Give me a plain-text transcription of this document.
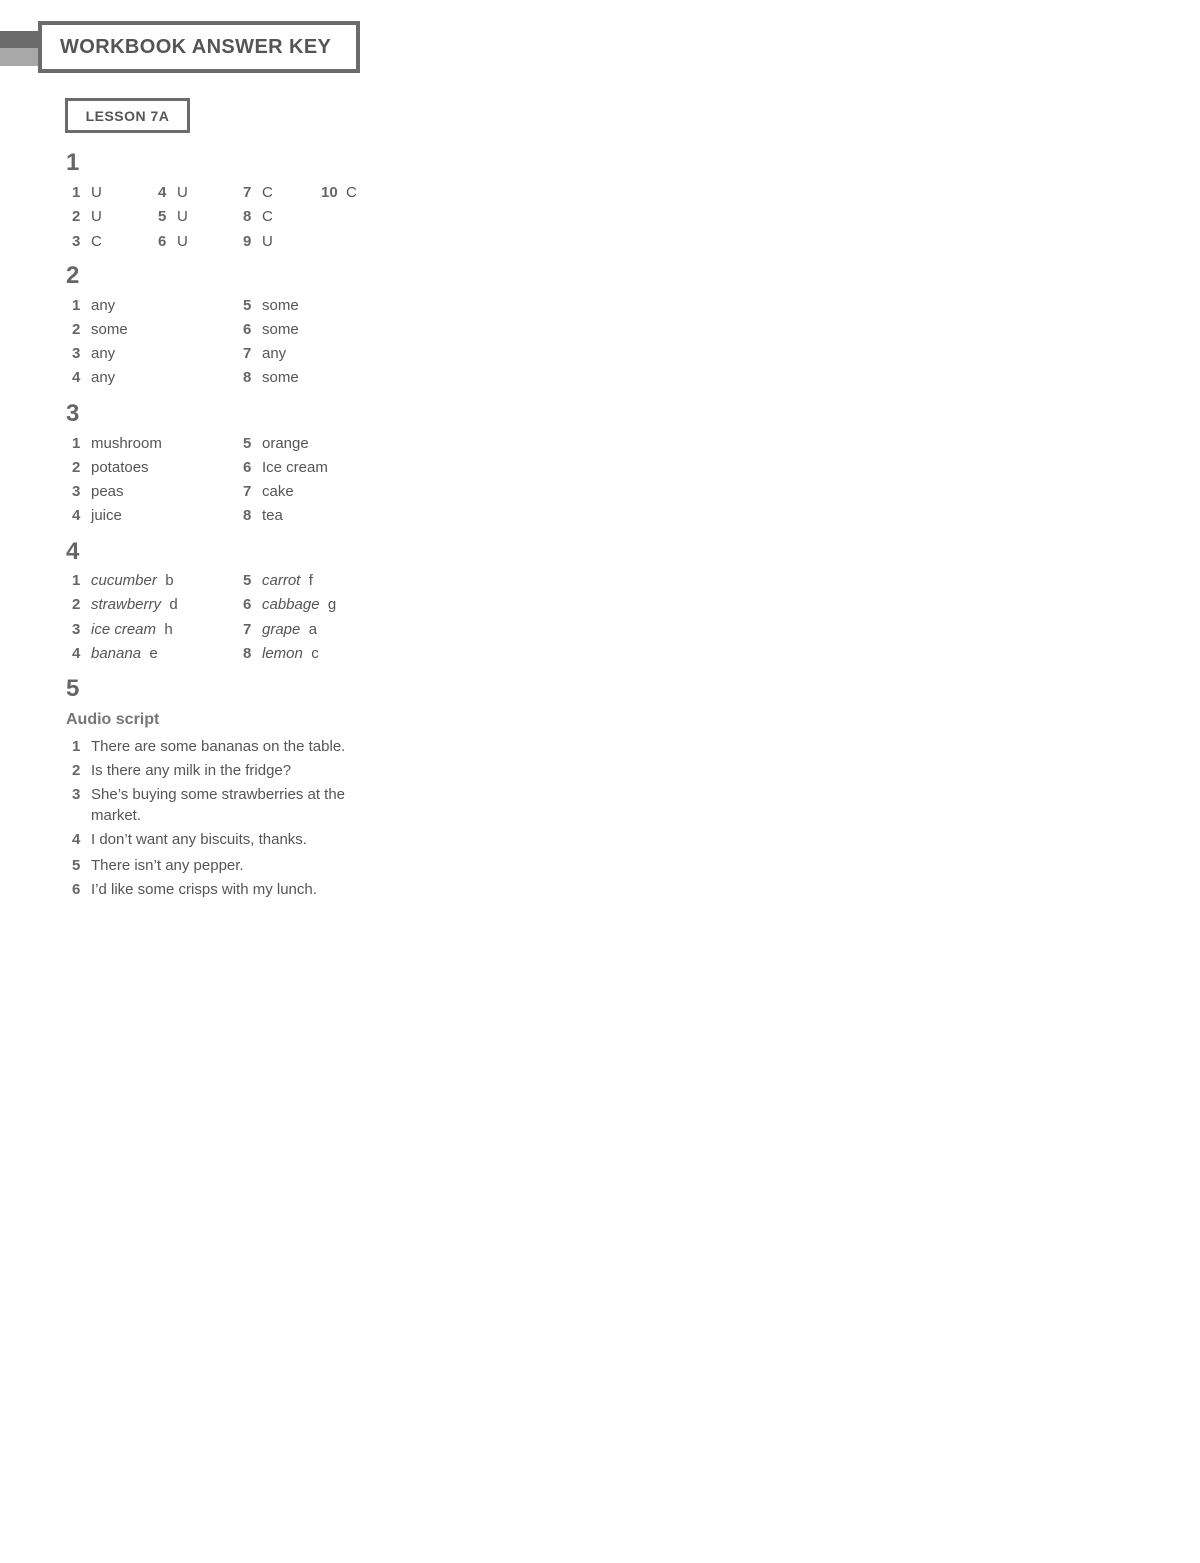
WORKBOOK ANSWER KEY
LESSON 7A
1
1 U
2 U
3 C
4 U
5 U
6 U
7 C
8 C
9 U
10 C
2
1 any
2 some
3 any
4 any
5 some
6 some
7 any
8 some
3
1 mushroom
2 potatoes
3 peas
4 juice
5 orange
6 Ice cream
7 cake
8 tea
4
1 cucumber b
2 strawberry d
3 ice cream h
4 banana e
5 carrot f
6 cabbage g
7 grape a
8 lemon c
5
Audio script
1 There are some bananas on the table.
2 Is there any milk in the fridge?
3 She’s buying some strawberries at the market.
4 I don’t want any biscuits, thanks.
5 There isn’t any pepper.
6 I’d like some crisps with my lunch.
